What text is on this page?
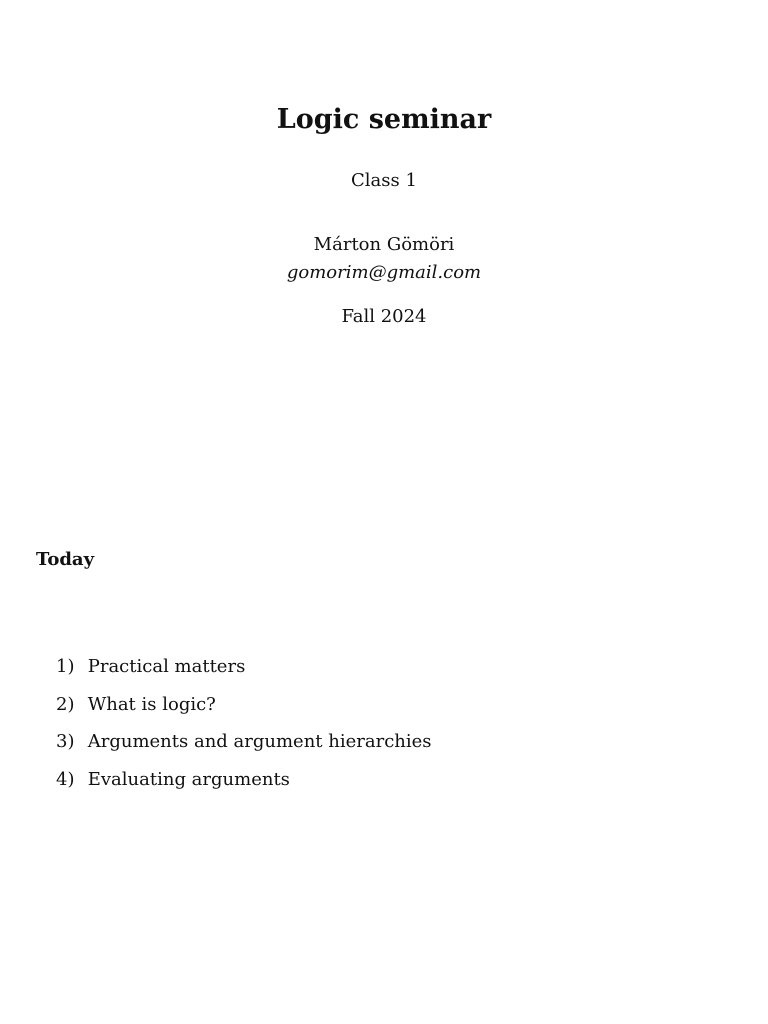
Logic seminar
Class 1
Márton Gömöri
gomorim@gmail.com
Fall 2024
Today
1) Practical matters
2) What is logic?
3) Arguments and argument hierarchies
4) Evaluating arguments
